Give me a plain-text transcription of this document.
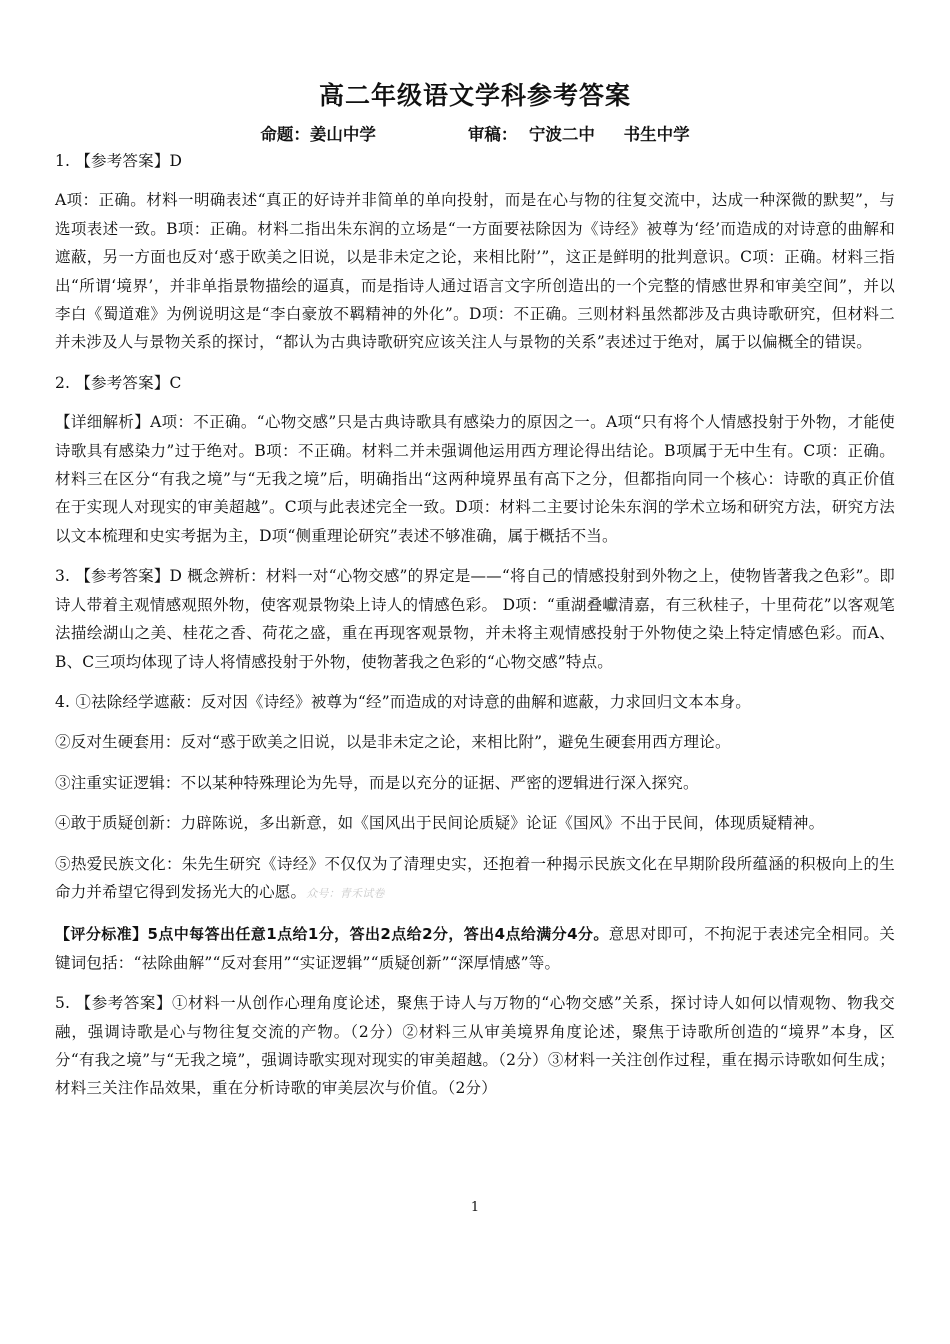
高二年级语文学科参考答案
命题：姜山中学	审稿： 宁波二中 书生中学

1. 【参考答案】D

A项：正确。材料一明确表述“真正的好诗并非简单的单向投射，而是在心与物的往复交流中，达成一种深微的默契”，与选项表述一致。B项：正确。材料二指出朱东润的立场是“一方面要祛除因为《诗经》被尊为‘经’而造成的对诗意的曲解和遮蔽，另一方面也反对‘惑于欧美之旧说，以是非未定之论，来相比附’”，这正是鲜明的批判意识。C项：正确。材料三指出“所谓‘境界’，并非单指景物描绘的逼真，而是指诗人通过语言文字所创造出的一个完整的情感世界和审美空间”，并以李白《蜀道难》为例说明这是“李白豪放不羁精神的外化”。D项：不正确。三则材料虽然都涉及古典诗歌研究，但材料二并未涉及人与景物关系的探讨，“都认为古典诗歌研究应该关注人与景物的关系”表述过于绝对，属于以偏概全的错误。

2. 【参考答案】C

【详细解析】A项：不正确。“心物交感”只是古典诗歌具有感染力的原因之一。A项“只有将个人情感投射于外物，才能使诗歌具有感染力”过于绝对。B项：不正确。材料二并未强调他运用西方理论得出结论。B项属于无中生有。C项：正确。材料三在区分“有我之境”与“无我之境”后，明确指出“这两种境界虽有高下之分，但都指向同一个核心：诗歌的真正价值在于实现人对现实的审美超越”。C项与此表述完全一致。D项：材料二主要讨论朱东润的学术立场和研究方法，研究方法以文本梳理和史实考据为主，D项“侧重理论研究”表述不够准确，属于概括不当。

3. 【参考答案】D 概念辨析：材料一对“心物交感”的界定是——“将自己的情感投射到外物之上，使物皆著我之色彩”。即诗人带着主观情感观照外物，使客观景物染上诗人的情感色彩。 D项：“重湖叠巘清嘉，有三秋桂子，十里荷花”以客观笔法描绘湖山之美、桂花之香、荷花之盛，重在再现客观景物，并未将主观情感投射于外物使之染上特定情感色彩。而A、B、C三项均体现了诗人将情感投射于外物，使物著我之色彩的“心物交感”特点。

4. ①祛除经学遮蔽：反对因《诗经》被尊为“经”而造成的对诗意的曲解和遮蔽，力求回归文本本身。

②反对生硬套用：反对“惑于欧美之旧说，以是非未定之论，来相比附”，避免生硬套用西方理论。

③注重实证逻辑：不以某种特殊理论为先导，而是以充分的证据、严密的逻辑进行深入探究。

④敢于质疑创新：力辟陈说，多出新意，如《国风出于民间论质疑》论证《国风》不出于民间，体现质疑精神。

⑤热爱民族文化：朱先生研究《诗经》不仅仅为了清理史实，还抱着一种揭示民族文化在早期阶段所蕴涵的积极向上的生命力并希望它得到发扬光大的心愿。众号：青禾试卷

【评分标准】5点中每答出任意1点给1分，答出2点给2分，答出4点给满分4分。意思对即可，不拘泥于表述完全相同。关键词包括：“祛除曲解”“反对套用”“实证逻辑”“质疑创新”“深厚情感”等。

5. 【参考答案】①材料一从创作心理角度论述，聚焦于诗人与万物的“心物交感”关系，探讨诗人如何以情观物、物我交融，强调诗歌是心与物往复交流的产物。（2分）②材料三从审美境界角度论述，聚焦于诗歌所创造的“境界”本身，区分“有我之境”与“无我之境”，强调诗歌实现对现实的审美超越。（2分）③材料一关注创作过程，重在揭示诗歌如何生成；材料三关注作品效果，重在分析诗歌的审美层次与价值。（2分）

1
